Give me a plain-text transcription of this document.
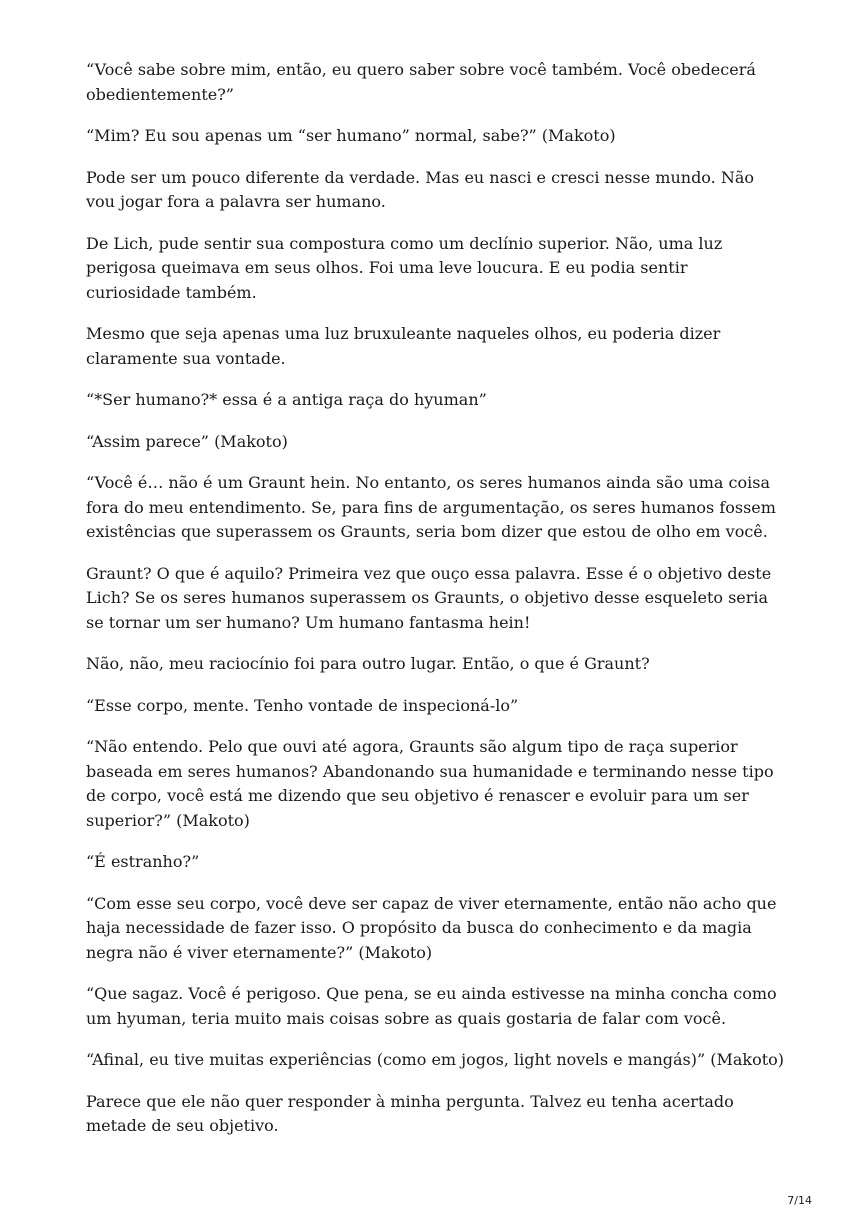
“Você sabe sobre mim, então, eu quero saber sobre você também. Você obedecerá obedientemente?”

“Mim? Eu sou apenas um “ser humano” normal, sabe?” (Makoto)

Pode ser um pouco diferente da verdade. Mas eu nasci e cresci nesse mundo. Não vou jogar fora a palavra ser humano.

De Lich, pude sentir sua compostura como um declínio superior. Não, uma luz perigosa queimava em seus olhos. Foi uma leve loucura. E eu podia sentir curiosidade também.

Mesmo que seja apenas uma luz bruxuleante naqueles olhos, eu poderia dizer claramente sua vontade.

“*Ser humano?* essa é a antiga raça do hyuman”

“Assim parece” (Makoto)

“Você é… não é um Graunt hein. No entanto, os seres humanos ainda são uma coisa fora do meu entendimento. Se, para fins de argumentação, os seres humanos fossem existências que superassem os Graunts, seria bom dizer que estou de olho em você.

Graunt? O que é aquilo? Primeira vez que ouço essa palavra. Esse é o objetivo deste Lich? Se os seres humanos superassem os Graunts, o objetivo desse esqueleto seria se tornar um ser humano? Um humano fantasma hein!

Não, não, meu raciocínio foi para outro lugar. Então, o que é Graunt?

“Esse corpo, mente. Tenho vontade de inspecioná-lo”

“Não entendo. Pelo que ouvi até agora, Graunts são algum tipo de raça superior baseada em seres humanos? Abandonando sua humanidade e terminando nesse tipo de corpo, você está me dizendo que seu objetivo é renascer e evoluir para um ser superior?” (Makoto)

“É estranho?”

“Com esse seu corpo, você deve ser capaz de viver eternamente, então não acho que haja necessidade de fazer isso. O propósito da busca do conhecimento e da magia negra não é viver eternamente?” (Makoto)

“Que sagaz. Você é perigoso. Que pena, se eu ainda estivesse na minha concha como um hyuman, teria muito mais coisas sobre as quais gostaria de falar com você.

“Afinal, eu tive muitas experiências (como em jogos, light novels e mangás)” (Makoto)

Parece que ele não quer responder à minha pergunta. Talvez eu tenha acertado metade de seu objetivo.

7/14
